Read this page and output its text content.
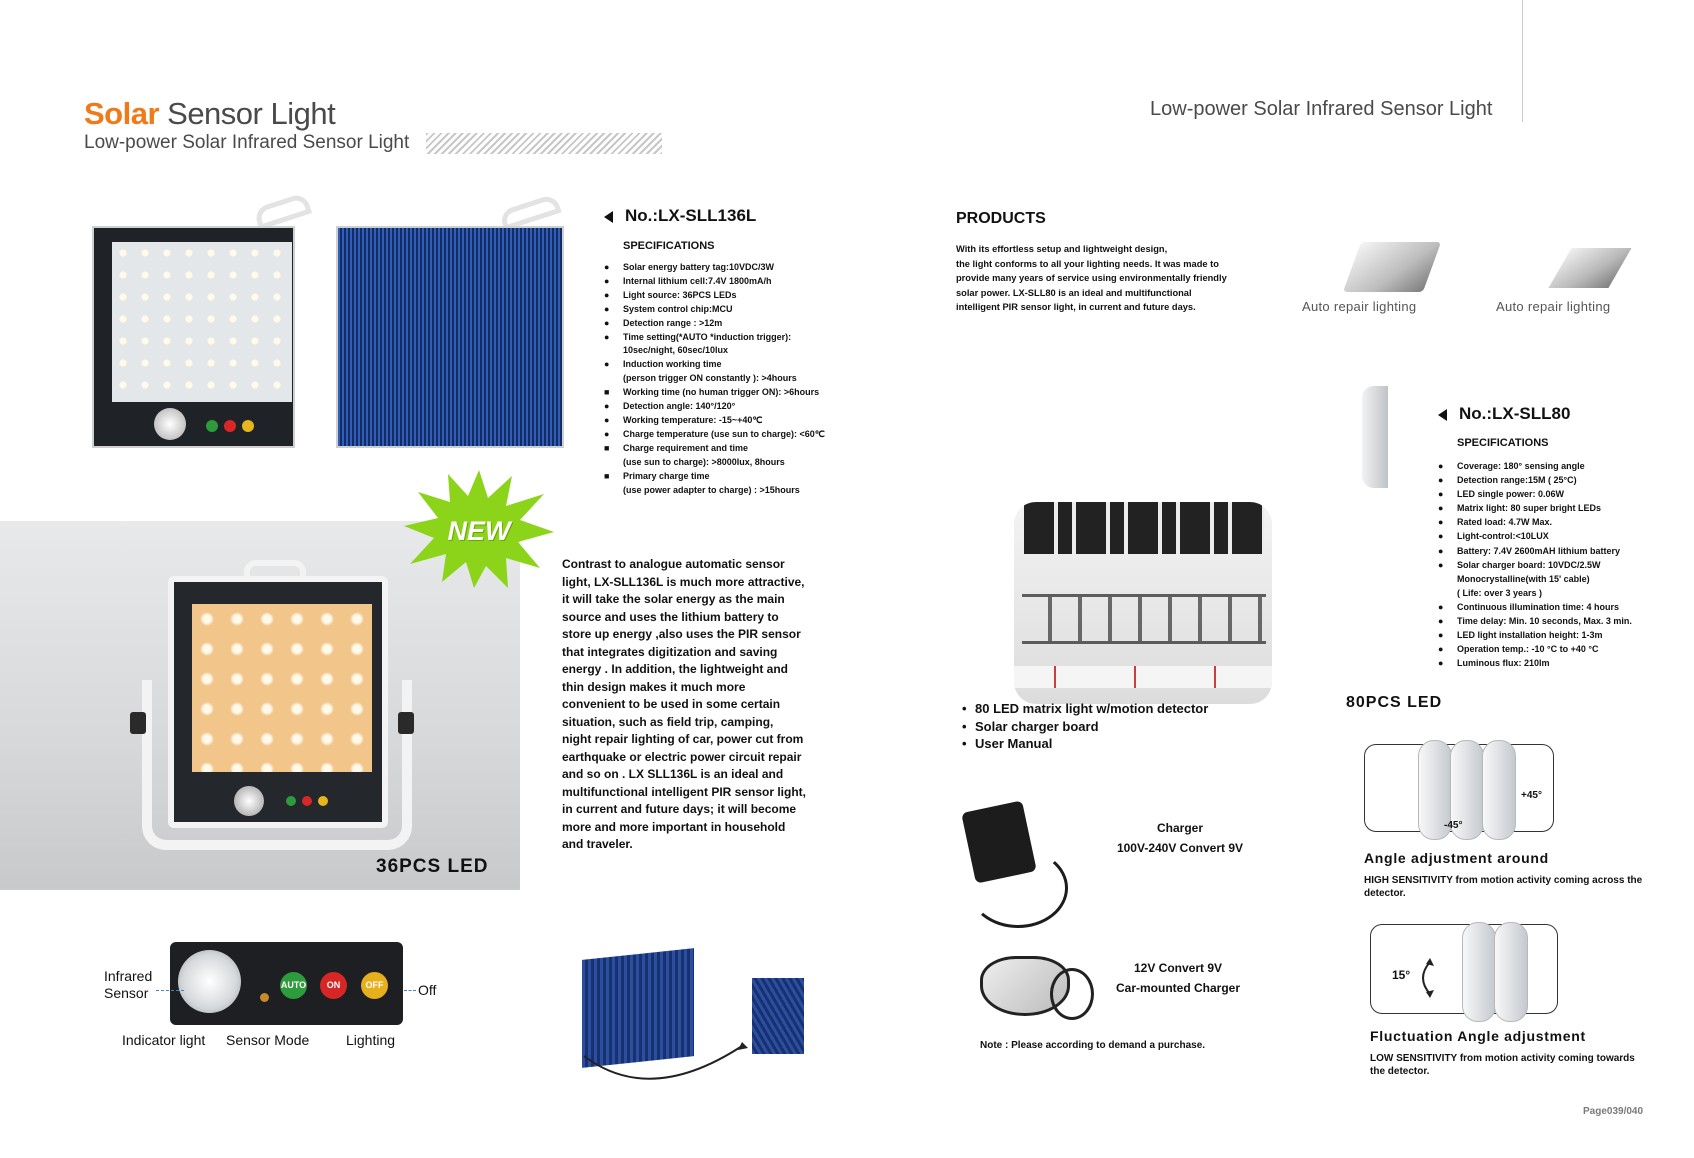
Solar Sensor Light
Low-power Solar Infrared Sensor Light
Low-power Solar Infrared Sensor Light
36PCS LED
NEW
No.:LX-SLL136L
SPECIFICATIONS
●	Solar energy battery tag:10VDC/3W
●	Internal lithium cell:7.4V 1800mA/h
●	Light source: 36PCS LEDs
●	System control chip:MCU
●	Detection range : >12m
●	Time setting(*AUTO *induction trigger):
10sec/night, 60sec/10lux
●	Induction working time
(person trigger ON constantly ): >4hours
■	Working time (no human trigger ON): >6hours
●	Detection angle: 140°/120°
●	Working temperature: -15~+40℃
●	Charge temperature (use sun to charge): <60℃
■	Charge requirement and time
(use sun to charge): >8000lux, 8hours
■	Primary charge time
(use power adapter to charge) : >15hours
Contrast to analogue automatic sensor
light, LX-SLL136L is much more attractive,
it will take the solar energy as the main
source and uses the lithium battery to
store up energy ,also uses the PIR sensor
that integrates digitization and saving
energy . In addition, the lightweight and
thin design makes it much more
convenient to be used in some certain
situation, such as field trip, camping,
night repair lighting of car, power cut from
earthquake or electric power circuit repair
and so on . LX SLL136L is an ideal and
multifunctional intelligent PIR sensor light,
in current and future days; it will become
more and more important in household
and traveler.
AUTO	ON	OFF
Infrared
Sensor
Indicator light Sensor Mode	Lighting
Off
PRODUCTS
With its effortless setup and lightweight design,
the light conforms to all your lighting needs. It was made to
provide many years of service using environmentally friendly
solar power. LX-SLL80 is an ideal and multifunctional
intelligent PIR sensor light, in current and future days.	Auto repair lighting	Auto repair lighting
• 80 LED matrix light w/motion detector
• Solar charger board
• User Manual
Charger
100V-240V Convert 9V
12V Convert 9V
Car-mounted Charger
Note : Please according to demand a purchase.
No.:LX-SLL80
SPECIFICATIONS
●	Coverage: 180° sensing angle
●	Detection range:15M ( 25°C)
●	LED single power: 0.06W
●	Matrix light: 80 super bright LEDs
●	Rated load: 4.7W Max.
●	Light-control:<10LUX
●	Battery: 7.4V 2600mAH lithium battery
●	Solar charger board: 10VDC/2.5W
Monocrystalline(with 15' cable)
( Life: over 3 years )
●	Continuous illumination time: 4 hours
●	Time delay: Min. 10 seconds, Max. 3 min.
●	LED light installation height: 1-3m
●	Operation temp.: -10 °C to +40 °C
●	Luminous flux: 210lm
80PCS LED
+45°
-45°
Angle adjustment around
HIGH SENSITIVITY from motion activity coming across the detector.
15°
Fluctuation Angle adjustment
LOW SENSITIVITY from motion activity coming towards the detector.
Page039/040
